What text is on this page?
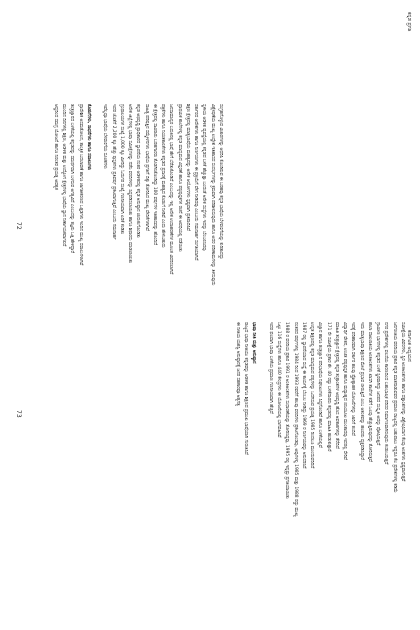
ಕನ್ನಡ ಪ್ರಗತಿ
ಸಂಗ್ರಹಗೊಳ್ಳುವ ವಿಚಾರಗಳನ್ನು ಆಧರಿಸಿ ಕೊಂಡಿರುವ ಈ ಬರಹವು ಕನ್ನಡ ಭಾಷೆಯ ಬೆಳವಣಿಗೆಯನ್ನು ಕುರಿತಾದದ್ದು
ವಿಶ್ಲೇಷಣೆಯ ಮುಖ್ಯ ಉದ್ದೇಶ ಇತಿಹಾಸದ ಸಂದರ್ಭಗಳನ್ನು ಕ್ರಮವಾಗಿ ಪರಿಶೀಲಿಸುವುದು ಹಾಗೂ ಅದರ ಪರಿಣಾಮಗಳನ್ನು ತಿಳಿಸುವುದು
ಸ್ಥಳೀಯ ಆಡಳಿತ ವ್ಯವಸ್ಥೆಯಲ್ಲಿ ಕನ್ನಡದ ಬಳಕೆ ಹೆಚ್ಚುತ್ತಾ ಬಂದಂತೆ ಅನೇಕ ಸಂಸ್ಥೆಗಳು ಇದನ್ನು ಬೆಂಬಲಿಸಿದವು
ಸರ್ಕಾರದ ಆದೇಶಗಳು ಹಾಗೂ ನಿರ್ಣಯಗಳು ಈ ಪ್ರಕ್ರಿಯೆಗೆ ವೇಗ ನೀಡಿದವು ಎಂಬುದು ಗಮನಾರ್ಹ ಸಂಗತಿಯಾಗಿದೆ
ಶಿಕ್ಷಣ ಕ್ಷೇತ್ರದಲ್ಲಿ ಮಾತೃಭಾಷೆಯ ಮಹತ್ವವನ್ನು ಅನೇಕ ಆಯೋಗಗಳು ಸ್ಪಷ್ಟವಾಗಿ ಪ್ರತಿಪಾದಿಸಿವೆ
ಪ್ರಾಥಮಿಕ ಶಾಲೆಗಳಲ್ಲಿ ಕನ್ನಡ ಮಾಧ್ಯಮದ ವಿಸ್ತರಣೆ ಹಾಗೂ ಪಠ್ಯಪುಸ್ತಕಗಳ ರಚನೆ ಈ ಅವಧಿಯಲ್ಲಿ ನಡೆಯಿತು
ಜನಸಾಮಾನ್ಯರ ಬದುಕಿನಲ್ಲಿ ಭಾಷೆ ಹೇಗೆ ಬೆರೆತುಕೊಂಡಿದೆ ಎಂಬುದನ್ನು ಇಲ್ಲಿ ಅನೇಕ ಉದಾಹರಣೆಗಳ ಮೂಲಕ ವಿವರಿಸಲಾಗಿದೆ
ಪತ್ರಿಕೆಗಳು ಹಾಗೂ ನಿಯತಕಾಲಿಕೆಗಳು ಕನ್ನಡದ ಪ್ರಸಾರಕ್ಕೆ ಮಹತ್ವದ ಕೊಡುಗೆ ನೀಡಿವೆ ಎಂದು ಹೇಳಬಹುದು
ಈ ಕ್ಷೇತ್ರದಲ್ಲಿ ಸಾವಿರಾರು ಬರಹಗಾರರು ತೊಡಗಿಸಿಕೊಂಡಿದ್ದು 100 ವರ್ಷಗಳ ಇತಿಹಾಸವನ್ನು ಹೊಂದಿದೆ
ಸಾಹಿತ್ಯ ಪರಿಷತ್ತಿನ ಸಮ್ಮೇಳನಗಳು ಭಾಷೆಯ ಪ್ರಗತಿಗೆ ದಿಕ್ಕು ತೋರಿಸಿದ ಮುಖ್ಯ ವೇದಿಕೆಗಳಾಗಿವೆ
ಕನ್ನಡ ಅಭಿವೃದ್ಧಿ ಪ್ರಾಧಿಕಾರದ ಸ್ಥಾಪನೆಯ ನಂತರ ಆಡಳಿತದಲ್ಲಿ ಕನ್ನಡ ಅನುಷ್ಠಾನ ಚುರುಕುಗೊಂಡಿತು
ಅನೇಕ ಜಿಲ್ಲೆಗಳಲ್ಲಿ ಭಾಷಾ ಸಮೀಕ್ಷೆಗಳನ್ನು ನಡೆಸಿ ವರದಿಗಳನ್ನು ಸಿದ್ಧಪಡಿಸಲಾಯಿತು ಹಾಗೂ ಶಿಫಾರಸು ಮಾಡಲಾಯಿತು
ಗ್ರಂಥಾಲಯಗಳ ಸಂಖ್ಯೆ 1,000 ಕ್ಕೂ ಮೀರಿದ್ದು ಓದುಗರ ಸಂಖ್ಯೆ ಗಣನೀಯವಾಗಿ ಏರಿಕೆ ಕಂಡಿತು
ಇದರ ಜೊತೆಗೆ 2,200 ಕ್ಕೂ ಹೆಚ್ಚು ಪುಸ್ತಕಗಳು ಪ್ರತಿವರ್ಷ ಪ್ರಕಟವಾಗುತ್ತಿವೆ ಎಂಬುದು ಗಮನಾರ್ಹ
ಇವೆಲ್ಲವೂ ಭಾಷೆಯ ಬೆಳವಣಿಗೆಯ ಸೂಚಕಗಳು
ಕೊಡುಗೆಗಳು, ಸಾಧನೆಗಳು ಹಾಗೂ ಸವಾಲುಗಳು
ಪ್ರಾದೇಶಿಕ ಅಸಮತೋಲನ, ತಾಂತ್ರಿಕ ಬದಲಾವಣೆ ಹಾಗೂ ಜಾಗತೀಕರಣದ ಒತ್ತಡಗಳು ಇಂದಿನ ಮುಖ್ಯ ಸವಾಲುಗಳಾಗಿವೆ
ತಂತ್ರಜ್ಞಾನದ ಬಳಕೆಯಲ್ಲಿ ಕನ್ನಡವನ್ನು ಸಮರ್ಥವಾಗಿ ಬಳಸುವ ಅಗತ್ಯವಿದೆ ಎಂಬುದನ್ನು ತಜ್ಞರು ಒತ್ತಿ ಹೇಳಿದ್ದಾರೆ
ಮುಂದಿನ ದಿನಗಳಲ್ಲಿ ಶಿಕ್ಷಣ, ಆಡಳಿತ ಮತ್ತು ಉದ್ಯೋಗ ಕ್ಷೇತ್ರಗಳಲ್ಲಿ ಭಾಷೆಯ ಸ್ಥಾನ ನಿರ್ಣಾಯಕವಾಗಲಿದೆ
ಆದ್ದರಿಂದ ಸಮಗ್ರ ಯೋಜನೆ ಹಾಗೂ ನಿರಂತರ ಪ್ರಯತ್ನ ಅವಶ್ಯಕ
72
ಕರ್ನಾಟಕ ಅಧ್ಯಯನ
ಸಮೀಕ್ಷೆಯ ವಿವರಗಳು, ಸ್ಥಿರ ಅಂಕಿಅಂಶಗಳು ಹಾಗೂ ದತ್ತಾಂಶಗಳನ್ನು ವಿಶ್ಲೇಷಿಸಿದಾಗ ಕೆಲವು ಅಂಶಗಳು ಸ್ಪಷ್ಟವಾಗುತ್ತವೆ
ಜನಗಣತಿಯ ವರದಿಯ ಪ್ರಕಾರ ಕನ್ನಡ ಮಾತನಾಡುವವರ ಪ್ರಮಾಣ ರಾಜ್ಯದಲ್ಲಿ ಬಹುಪಾಲು ಇದ್ದರೂ ಕೆಲ ಪ್ರದೇಶಗಳಲ್ಲಿ ಕಡಿಮೆ
ನಗರ ಪ್ರದೇಶಗಳಲ್ಲಿ ವಲಸೆಯ ಕಾರಣದಿಂದ ಬಹುಭಾಷಿಕ ಪರಿಸರ ನಿರ್ಮಾಣವಾಗಿರುವುದು ಕಂಡುಬರುತ್ತದೆ
ಗ್ರಾಮೀಣ ಭಾಗಗಳಲ್ಲಿ ಕನ್ನಡದ ಬಳಕೆ ಸ್ಥಿರವಾಗಿದ್ದು ಜನಪದ ಸಂಸ್ಕೃತಿ ಅದನ್ನು ಪೋಷಿಸುತ್ತಿದೆ
ಶಾಲಾ ದಾಖಲಾತಿಯ ಅಂಕಿಅಂಶಗಳು ಖಾಸಗಿ ಶಾಲೆಗಳ ಕಡೆಗೆ ಒಲವು ಹೆಚ್ಚುತ್ತಿರುವುದನ್ನು ತೋರಿಸುತ್ತವೆ
ಇದು ಮಾತೃಭಾಷಾ ಶಿಕ್ಷಣದ ಮೇಲೆ ಪ್ರಭಾವ ಬೀರುತ್ತಿದೆ ಎಂಬ ಆತಂಕವನ್ನು ಹಲವರು ವ್ಯಕ್ತಪಡಿಸಿದ್ದಾರೆ
ಇದಕ್ಕೆ ಪರಿಹಾರವಾಗಿ ಸರ್ಕಾರ ಹಲವು ಪ್ರೋತ್ಸಾಹಕ ಯೋಜನೆಗಳನ್ನು ಜಾರಿಗೆ ತಂದಿದೆ
ವಿದ್ಯಾರ್ಥಿ ವೇತನ, ಉಚಿತ ಪಠ್ಯಪುಸ್ತಕ ಹಾಗೂ ಮಧ್ಯಾಹ್ನದ ಬಿಸಿಯೂಟ ಮುಂತಾದವು ಇದರಲ್ಲಿ ಸೇರಿವೆ
ಮಾಹಿತಿ ತಂತ್ರಜ್ಞಾನ ಕ್ಷೇತ್ರದಲ್ಲಿ ಕನ್ನಡ ತಂತ್ರಾಂಶಗಳ ಅಭಿವೃದ್ಧಿ ಹೊಸ ಅವಕಾಶಗಳನ್ನು ತೆರೆದಿದೆ
171 ನೇ ಸಮೀಕ್ಷೆಯ ಪ್ರಕಾರ ಶೇ. 40 ರಷ್ಟು ಬಳಕೆದಾರರು ಕನ್ನಡದಲ್ಲಿ ಮಾಹಿತಿ ಹುಡುಕುತ್ತಾರೆ
ವಿಜ್ಞಾನ ಹಾಗೂ ತಂತ್ರಜ್ಞಾನ ಪರಿಭಾಷೆಯ ನಿಘಂಟುಗಳು ಸಿದ್ಧಗೊಂಡಿವೆ ಹಾಗೂ ಬಳಕೆಯಲ್ಲಿವೆ
ಉನ್ನತ ಶಿಕ್ಷಣದಲ್ಲಿ ಕನ್ನಡ ಮಾಧ್ಯಮದ ಪಠ್ಯಗಳನ್ನು ಒದಗಿಸುವ ಪ್ರಯತ್ನ 1985 ರಿಂದಲೂ ಮುಂದುವರಿದಿದೆ
1987 ರಲ್ಲಿ ಸ್ಥಾಪನೆಯಾದ ಸಂಸ್ಥೆ ಈ ಕಾರ್ಯಕ್ಕೆ ಬೆಂಬಲ ನೀಡಿದ್ದು 1969 ರ ನಿರ್ಣಯವನ್ನು ಅನುಸರಿಸಿದೆ
ನಂತರದ ವರ್ಷಗಳಲ್ಲಿ 1984 ರಿಂದ 1993 ರವರೆಗೆ ಹಲವು ವರದಿಗಳು ಪ್ರಕಟಗೊಂಡವು, ಅವುಗಳಲ್ಲಿ 1985 ಮತ್ತು 1988 ರದ್ದು ಮುಖ್ಯ
1988 ರ ವರದಿಯ ಪ್ರಕಾರ 1991 ರ ಅಂಕಿಅಂಶಗಳು ಸುಧಾರಣೆಯನ್ನು ತೋರಿಸಿದ್ದವು, 1995 ರಲ್ಲಿ ಇನ್ನಷ್ಟು ಪ್ರಗತಿಯಾಯಿತು
ಒಟ್ಟು 116 ಸಂಸ್ಥೆಗಳು ಹಾಗೂ 440 ಕೇಂದ್ರಗಳು ಈ ಯೋಜನೆಯಲ್ಲಿ ಭಾಗವಹಿಸಿವೆ
ಇದರ ಫಲವಾಗಿ ಭಾಷಾ ಬಳಕೆಯ ಪ್ರಮಾಣ ಗಣನೀಯವಾಗಿ ಹೆಚ್ಚಿದೆ
ಭಾಷಾ ನೀತಿ ಮತ್ತು ಅನುಷ್ಠಾನ
ರಾಜ್ಯದ ಭಾಷಾ ನೀತಿಯು ಕನ್ನಡವನ್ನು ಆಡಳಿತ ಹಾಗೂ ಶಿಕ್ಷಣದ ಪ್ರಮುಖ ಭಾಷೆಯಾಗಿ ಗುರುತಿಸಿದೆ
ಈ ನೀತಿಯ ಯಶಸ್ವಿ ಅನುಷ್ಠಾನಕ್ಕೆ ಜನರ ಸಹಕಾರವೂ ಅತ್ಯಗತ್ಯ
73
